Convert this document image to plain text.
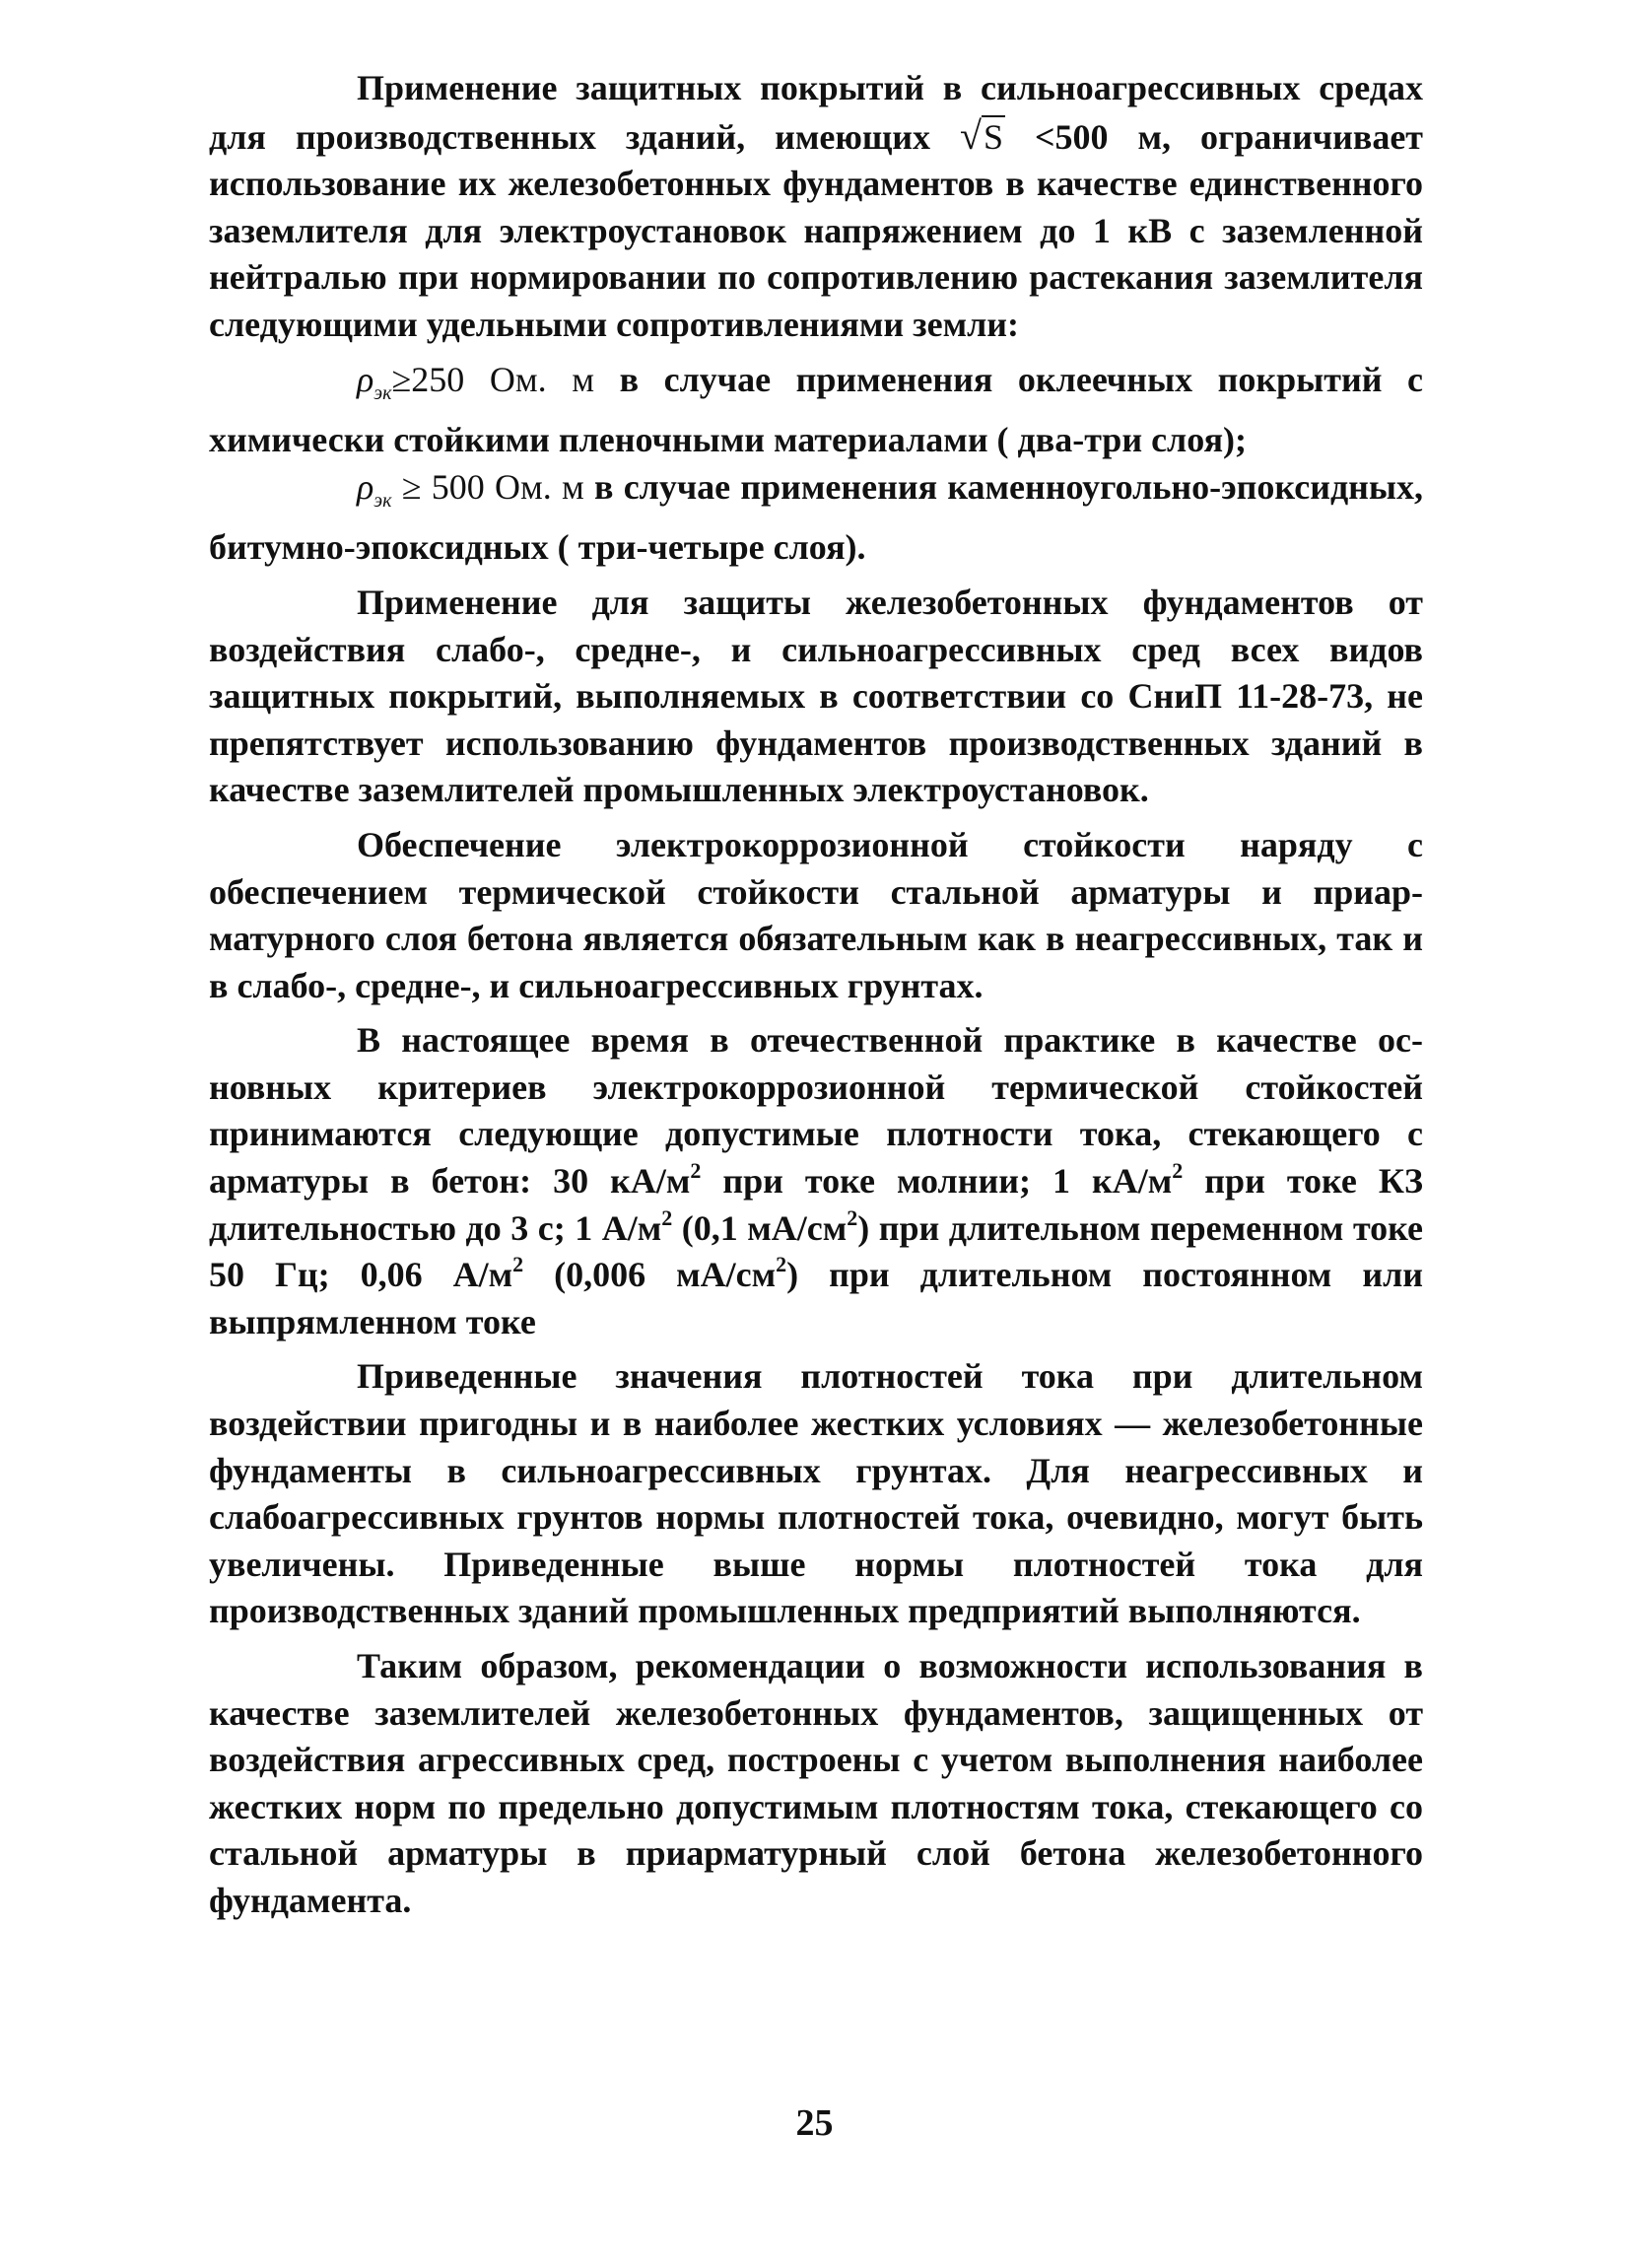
Применение защитных покрытий в сильноагрессивных средах для производственных зданий, имеющих √S <500 м, ограничивает использование их железобетонных фундаментов в качестве единственного заземлителя для электроустановок напряжением до 1 кВ с заземленной нейтралью при нормировании по сопротивлению растекания заземлителя следующими удельными сопротивлениями земли:

$\rho_{эк}\ge 250$ Ом. м в случае применения оклеечных покрытий с химически стойкими пленочными материалами ( два-три слоя);

$\rho_{эк} \ge 500$ Ом. м в случае применения каменноугольно-эпоксидных, битумно-эпоксидных ( три-четыре слоя).

Применение для защиты железобетонных фундаментов от воздействия слабо-, средне-, и сильноагрессивных сред всех видов защитных покрытий, выполняемых в соответствии со СниП 11-28-73, не препятствует использованию фундаментов производственных зданий в качестве заземлителей промышленных электроустановок.

Обеспечение электрокоррозионной стойкости наряду с обеспечением термической стойкости стальной арматуры и приарматурного слоя бетона является обязательным как в неагрессивных, так и в слабо-, средне-, и сильноагрессивных грунтах.

В настоящее время в отечественной практике в качестве основных критериев электрокоррозионной термической стойкостей принимаются следующие допустимые плотности тока, стекающего с арматуры в бетон: 30 $кА/м^2$ при токе молнии; 1 $кА/м^2$ при токе КЗ длительностью до 3 с; 1 $А/м^2$ (0,1 $мА/см^2$) при длительном переменном токе 50 Гц; 0,06 $А/м^2$ (0,006 $мА/см^2$) при длительном постоянном или выпрямленном токе

Приведенные значения плотностей тока при длительном воздействии пригодны и в наиболее жестких условиях — железобетонные фундаменты в сильноагрессивных грунтах. Для неагрессивных и слабоагрессивных грунтов нормы плотностей тока, очевидно, могут быть увеличены. Приведенные выше нормы плотностей тока для производственных зданий промышленных предприятий выполняются.

Таким образом, рекомендации о возможности использования в качестве заземлителей железобетонных фундаментов, защищенных от воздействия агрессивных сред, построены с учетом выполнения наиболее жестких норм по предельно допустимым плотностям тока, стекающего со стальной арматуры в приарматурный слой бетона железобетонного фундамента.

25
